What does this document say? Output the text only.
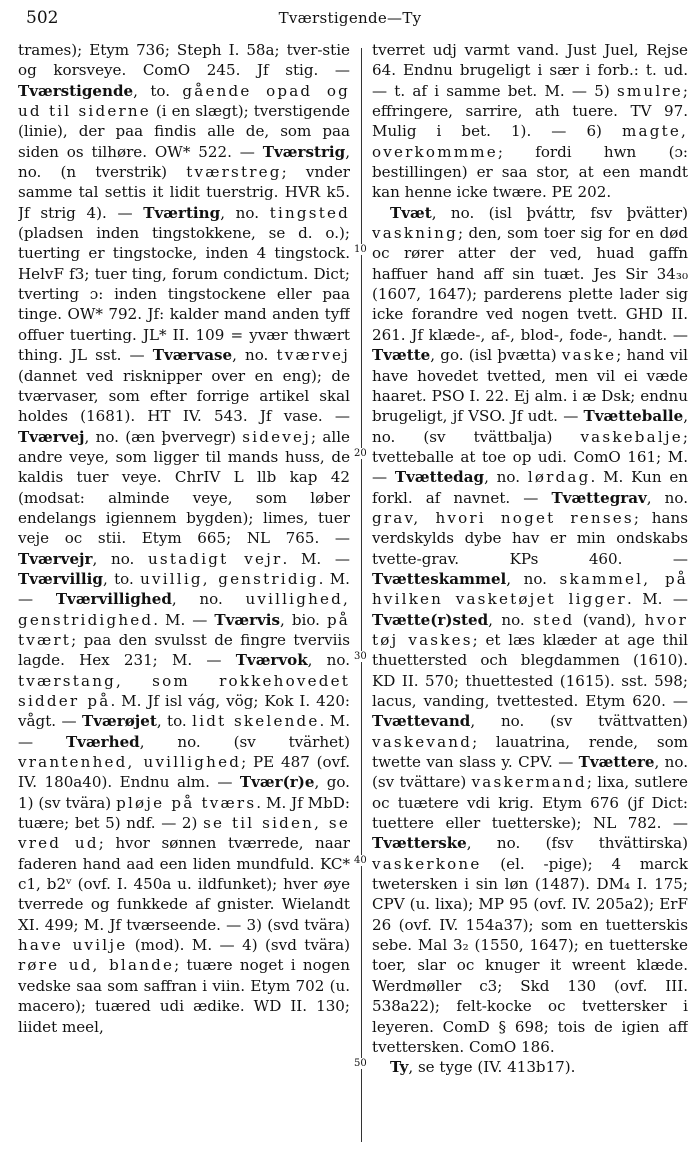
502	Tværstigende—Ty

trames); Etym 736; Steph I. 58a; tver-stie og korsveye. ComO 245. Jf stig. — Tværstigende, to. gående opad og ud til siderne (i en slægt); tverstigende (linie), der paa findis alle de, som paa siden os tilhøre. OW* 522. — Tværstrig, no. (n tverstrik) tværstreg; vnder samme tal settis it lidit tuerstrig. HVR k5. Jf strig 4). — Tværting, no. tingsted (pladsen inden tingstokkene, se d. o.); tuerting er tingstocke, inden 4 tingstock. HelvF f3; tuer ting, forum condictum. Dict; tverting ɔ: inden tingstockene eller paa tinge. OW* 792. Jf: kalder mand anden tyff offuer tuerting. JL* II. 109 = yvær thwært thing. JL sst. — Tværvase, no. tværvej (dannet ved risknipper over en eng); de tværvaser, som efter forrige artikel skal holdes (1681). HT IV. 543. Jf vase. — Tværvej, no. (æn þvervegr) sidevej; alle andre veye, som ligger til mands huss, de kaldis tuer veye. ChrIV L llb kap 42 (modsat: alminde veye, som løber endelangs igiennem bygden); limes, tuer veje oc stii. Etym 665; NL 765. — Tværvejr, no. ustadigt vejr. M. — Tværvillig, to. uvillig, genstridig. M. — Tværvillighed, no. uvillighed, genstridighed. M. — Tværvis, bio. på tvært; paa den svulsst de fingre tverviis lagde. Hex 231; M. — Tværvok, no. tværstang, som rokkehovedet sidder på. M. Jf isl vág, vög; Kok I. 420: vågt. — Tværøjet, to. lidt skelende. M. — Tværhed, no. (sv tvärhet) vrantenhed, uvillighed; PE 487 (ovf. IV. 180a40). Endnu alm. — Tvær(r)e, go. 1) (sv tvära) pløje på tværs. M. Jf MbD: tuære; bet 5) ndf. — 2) se til siden, se vred ud; hvor sønnen tværrede, naar faderen hand aad een liden mundfuld. KC* c1, b2ᵛ (ovf. I. 450a u. ildfunket); hver øye tverrede og funkkede af gnister. Wielandt XI. 499; M. Jf tværseende. — 3) (svd tvära) have uvilje (mod). M. — 4) (svd tvära) røre ud, blande; tuære noget i nogen vedske saa som saffran i viin. Etym 702 (u. macero); tuæred udi ædike. WD II. 130; liidet meel,

tverret udj varmt vand. Just Juel, Rejse 64. Endnu brugeligt i sær i forb.: t. ud. — t. af i samme bet. M. — 5) smulre; effringere, sarrire, ath tuere. TV 97. Mulig i bet. 1). — 6) magte, overkommme; fordi hwn (ɔ: bestillingen) er saa stor, at een mandt kan henne icke twære. PE 202.

Tvæt, no. (isl þváttr, fsv þvätter) vaskning; den, som toer sig for en død oc rører atter der ved, huad gaffn haffuer hand aff sin tuæt. Jes Sir 34₃₀ (1607, 1647); parderens plette lader sig icke forandre ved nogen tvett. GHD II. 261. Jf klæde-, af-, blod-, fode-, handt. — Tvætte, go. (isl þvætta) vaske; hand vil have hovedet tvetted, men vil ei væde haaret. PSO I. 22. Ej alm. i æ Dsk; endnu brugeligt, jf VSO. Jf udt. — Tvætteballe, no. (sv tvättbalja) vaskebalje; tvetteballe at toe op udi. ComO 161; M. — Tvættedag, no. lørdag. M. Kun en forkl. af navnet. — Tvættegrav, no. grav, hvori noget renses; hans verdskylds dybe hav er min ondskabs tvette-grav. KPs 460. — Tvætteskammel, no. skammel, på hvilken vasketøjet ligger. M. — Tvætte(r)sted, no. sted (vand), hvor tøj vaskes; et læs klæder at age thil thuettersted och blegdammen (1610). KD II. 570; thuettested (1615). sst. 598; lacus, vanding, tvettested. Etym 620. — Tvættevand, no. (sv tvättvatten) vaskevand; lauatrina, rende, som twette van slass y. CPV. — Tvættere, no. (sv tvättare) vaskermand; lixa, sutlere oc tuætere vdi krig. Etym 676 (jf Dict: tuettere eller tuetterske); NL 782. — Tvætterske, no. (fsv thvättirska) vaskerkone (el. -pige); 4 marck twetersken i sin løn (1487). DM₄ I. 175; CPV (u. lixa); MP 95 (ovf. IV. 205a2); ErF 26 (ovf. IV. 154a37); som en tuetterskis sebe. Mal 3₂ (1550, 1647); en tuetterske toer, slar oc knuger it wreent klæde. Werdmøller c3; Skd 130 (ovf. III. 538a22); felt-kocke oc tvettersker i leyeren. ComD § 698; tois de igien aff tvettersken. ComO 186.

Ty, se tyge (IV. 413b17).

10
20
30
40
50
